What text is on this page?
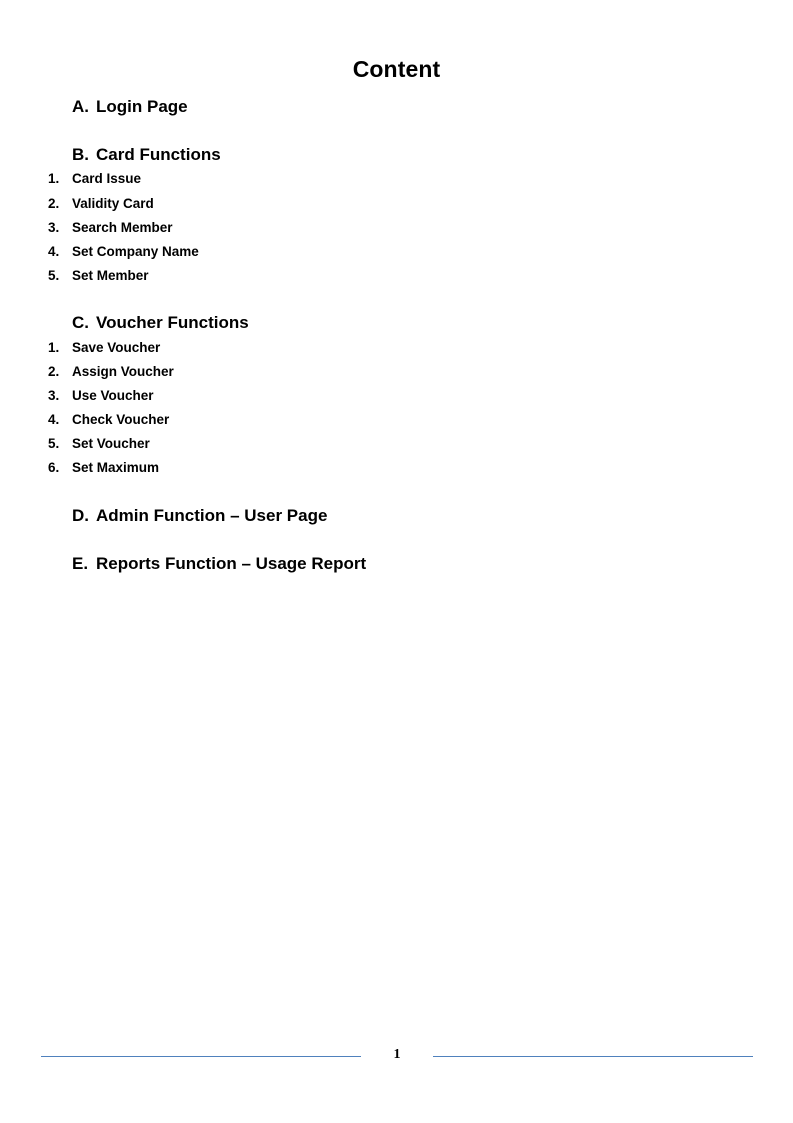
Content
A. Login Page
B. Card Functions
1. Card Issue
2. Validity Card
3. Search Member
4. Set Company Name
5. Set Member
C. Voucher Functions
1. Save Voucher
2. Assign Voucher
3. Use Voucher
4. Check Voucher
5. Set Voucher
6. Set Maximum
D. Admin Function – User Page
E. Reports Function – Usage Report
1
